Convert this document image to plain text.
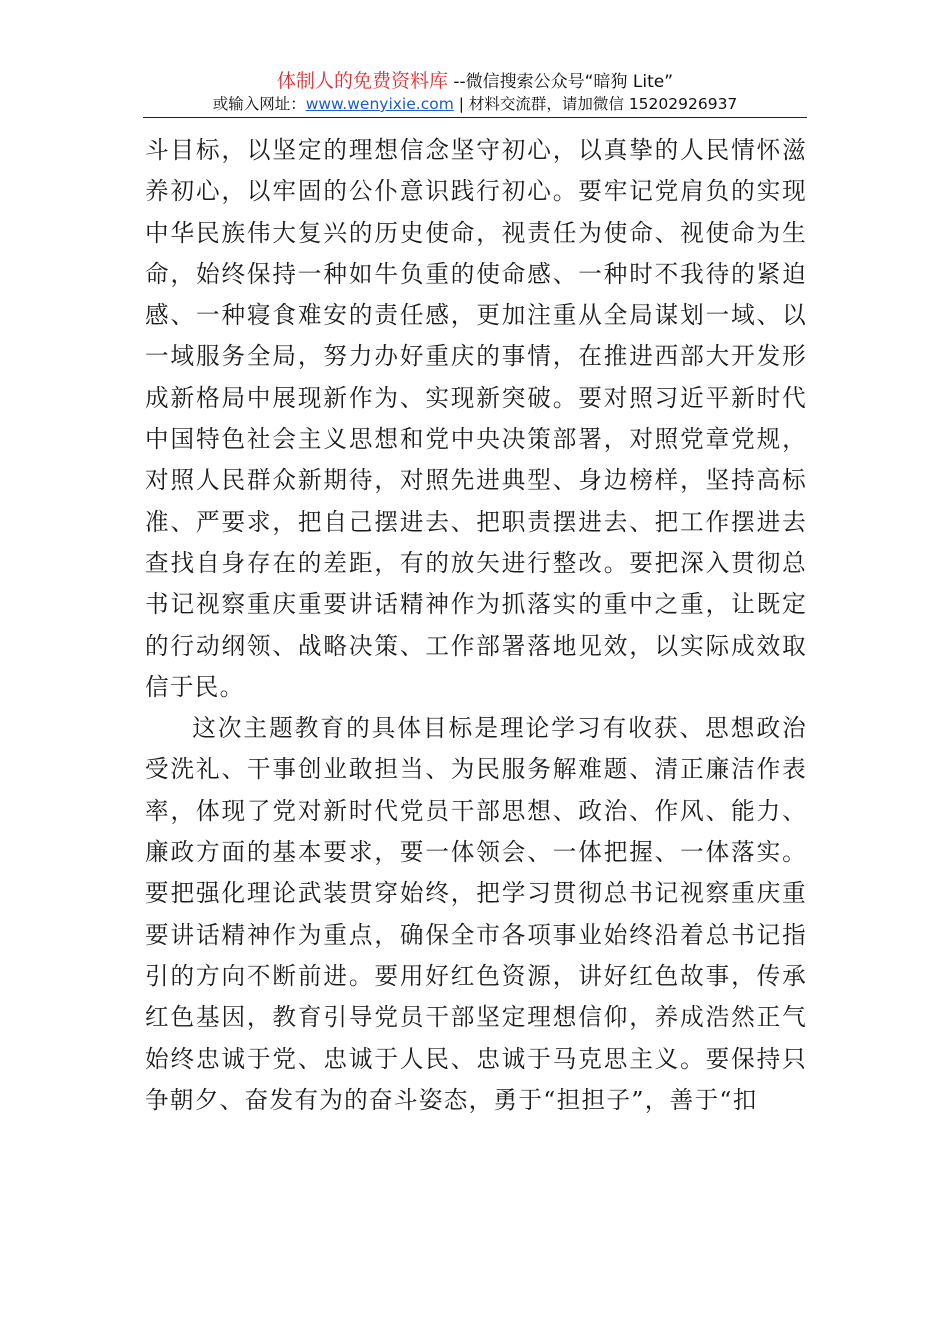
体制人的免费资料库 --微信搜索公众号“暗狗 Lite”
或输入网址：www.wenyixie.com | 材料交流群，请加微信 15202926937

斗目标，以坚定的理想信念坚守初心，以真挚的人民情怀滋养初心，以牢固的公仆意识践行初心。要牢记党肩负的实现中华民族伟大复兴的历史使命，视责任为使命、视使命为生命，始终保持一种如牛负重的使命感、一种时不我待的紧迫感、一种寝食难安的责任感，更加注重从全局谋划一域、以一域服务全局，努力办好重庆的事情，在推进西部大开发形成新格局中展现新作为、实现新突破。要对照习近平新时代中国特色社会主义思想和党中央决策部署，对照党章党规，对照人民群众新期待，对照先进典型、身边榜样，坚持高标准、严要求，把自己摆进去、把职责摆进去、把工作摆进去查找自身存在的差距，有的放矢进行整改。要把深入贯彻总书记视察重庆重要讲话精神作为抓落实的重中之重，让既定的行动纲领、战略决策、工作部署落地见效，以实际成效取信于民。

这次主题教育的具体目标是理论学习有收获、思想政治受洗礼、干事创业敢担当、为民服务解难题、清正廉洁作表率，体现了党对新时代党员干部思想、政治、作风、能力、廉政方面的基本要求，要一体领会、一体把握、一体落实。要把强化理论武装贯穿始终，把学习贯彻总书记视察重庆重要讲话精神作为重点，确保全市各项事业始终沿着总书记指引的方向不断前进。要用好红色资源，讲好红色故事，传承红色基因，教育引导党员干部坚定理想信仰，养成浩然正气始终忠诚于党、忠诚于人民、忠诚于马克思主义。要保持只争朝夕、奋发有为的奋斗姿态，勇于“担担子”，善于“扣
